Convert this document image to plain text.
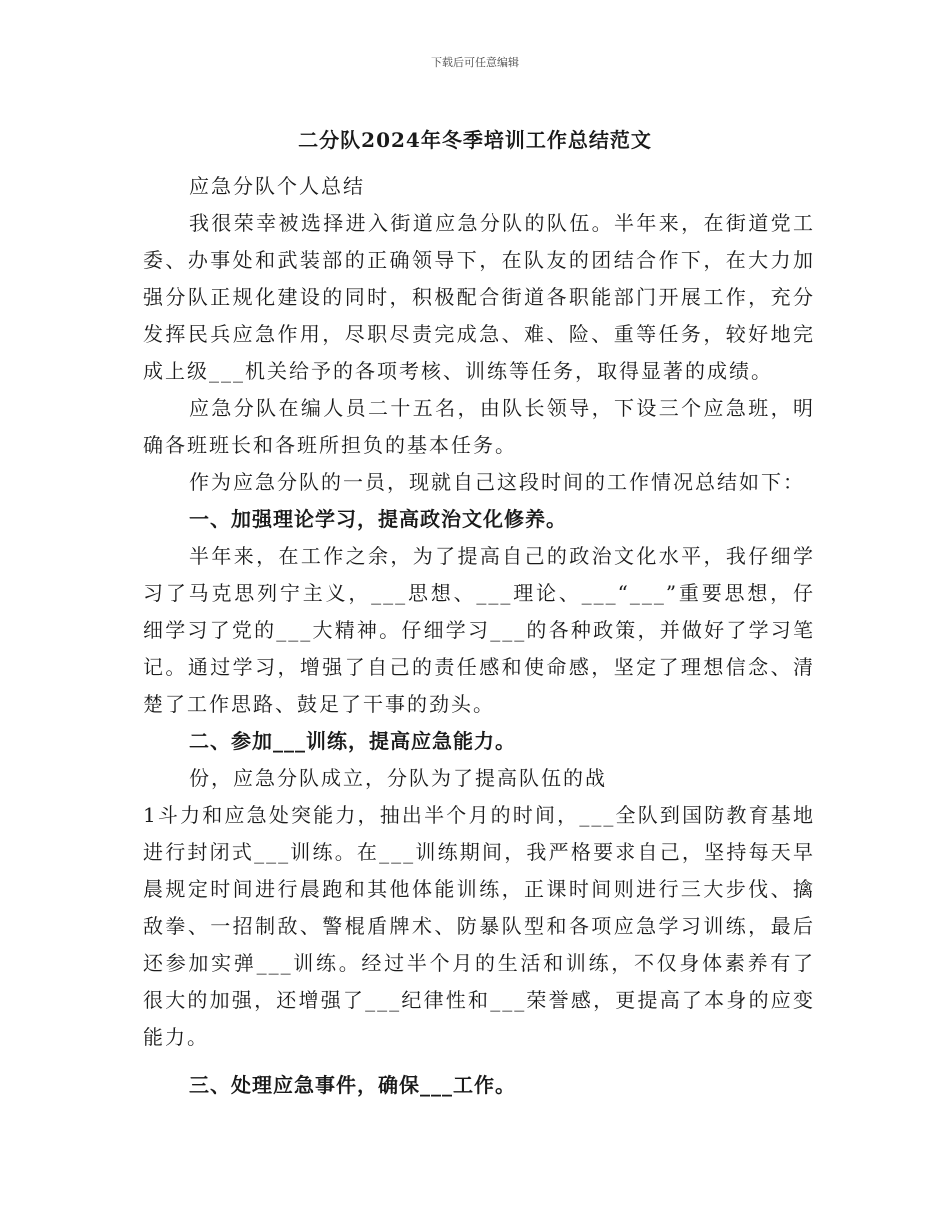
下载后可任意编辑
二分队2024年冬季培训工作总结范文

应急分队个人总结

我很荣幸被选择进入街道应急分队的队伍。半年来，在街道党工委、办事处和武装部的正确领导下，在队友的团结合作下，在大力加强分队正规化建设的同时，积极配合街道各职能部门开展工作，充分发挥民兵应急作用，尽职尽责完成急、难、险、重等任务，较好地完成上级___机关给予的各项考核、训练等任务，取得显著的成绩。

应急分队在编人员二十五名，由队长领导，下设三个应急班，明确各班班长和各班所担负的基本任务。

作为应急分队的一员，现就自己这段时间的工作情况总结如下：

一、加强理论学习，提高政治文化修养。

半年来，在工作之余，为了提高自己的政治文化水平，我仔细学习了马克思列宁主义，___思想、___理论、___“___”重要思想，仔细学习了党的___大精神。仔细学习___的各种政策，并做好了学习笔记。通过学习，增强了自己的责任感和使命感，坚定了理想信念、清楚了工作思路、鼓足了干事的劲头。

二、参加___训练，提高应急能力。

份，应急分队成立，分队为了提高队伍的战

1斗力和应急处突能力，抽出半个月的时间，___全队到国防教育基地进行封闭式___训练。在___训练期间，我严格要求自己，坚持每天早晨规定时间进行晨跑和其他体能训练，正课时间则进行三大步伐、擒敌拳、一招制敌、警棍盾牌术、防暴队型和各项应急学习训练，最后还参加实弹___训练。经过半个月的生活和训练，不仅身体素养有了很大的加强，还增强了___纪律性和___荣誉感，更提高了本身的应变能力。

三、处理应急事件，确保___工作。
